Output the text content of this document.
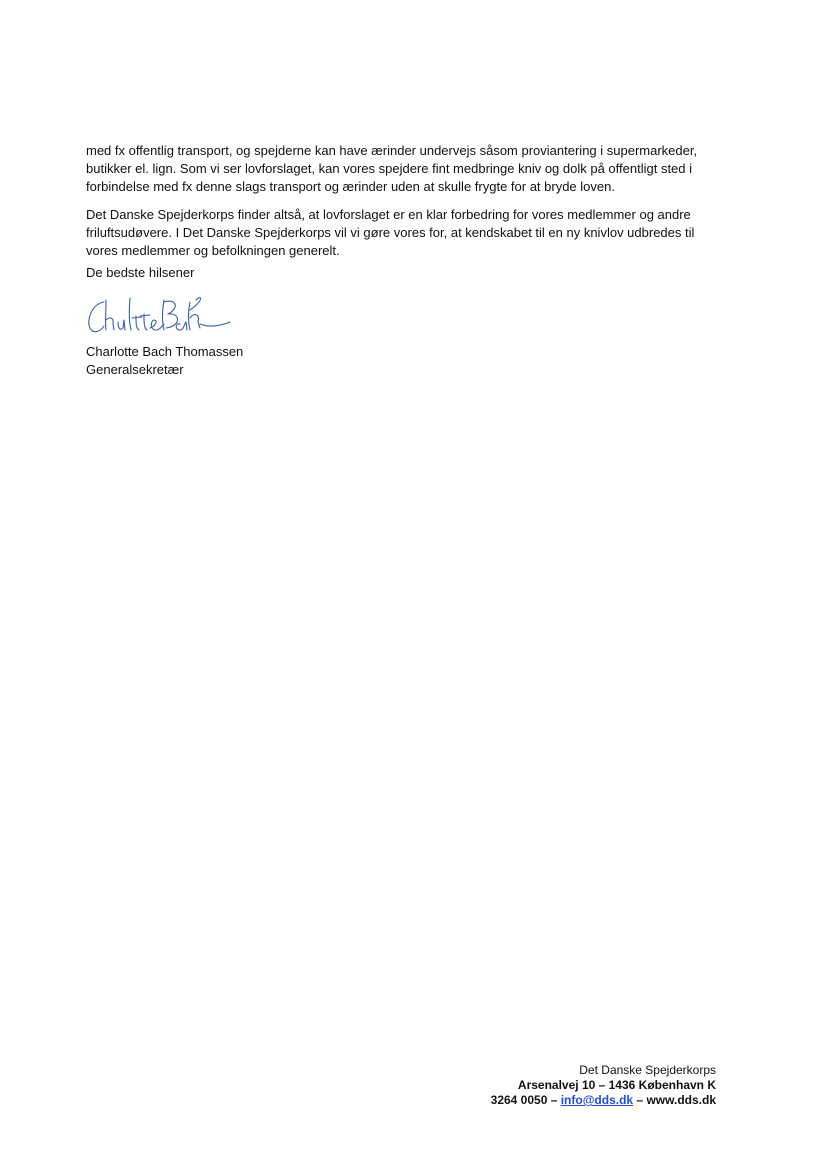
med fx offentlig transport, og spejderne kan have ærinder undervejs såsom proviantering i supermarkeder,
butikker el. lign. Som vi ser lovforslaget, kan vores spejdere fint medbringe kniv og dolk på offentligt sted i
forbindelse med fx denne slags transport og ærinder uden at skulle frygte for at bryde loven.

Det Danske Spejderkorps finder altså, at lovforslaget er en klar forbedring for vores medlemmer og andre
friluftsudøvere. I Det Danske Spejderkorps vil vi gøre vores for, at kendskabet til en ny knivlov udbredes til
vores medlemmer og befolkningen generelt.

De bedste hilsener
Charlotte Bach Thomassen
Generalsekretær
Det Danske Spejderkorps
Arsenalvej 10 – 1436 København K
3264 0050 – info@dds.dk – www.dds.dk
